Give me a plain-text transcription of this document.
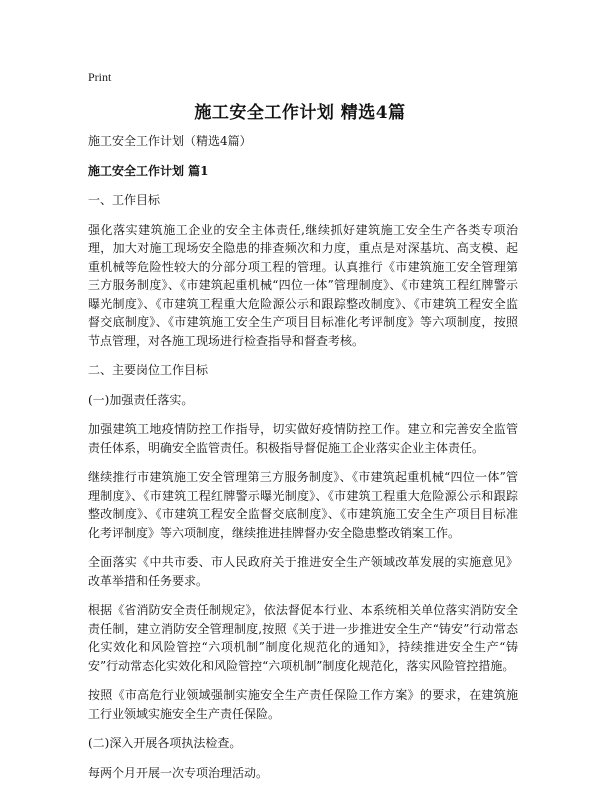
Print
施工安全工作计划 精选4篇

施工安全工作计划（精选4篇）

施工安全工作计划 篇1

一、工作目标

强化落实建筑施工企业的安全主体责任,继续抓好建筑施工安全生产各类专项治理，加大对施工现场安全隐患的排查频次和力度，重点是对深基坑、高支模、起重机械等危险性较大的分部分项工程的管理。认真推行《市建筑施工安全管理第三方服务制度》、《市建筑起重机械“四位一体”管理制度》、《市建筑工程红牌警示曝光制度》、《市建筑工程重大危险源公示和跟踪整改制度》、《市建筑工程安全监督交底制度》、《市建筑施工安全生产项目目标准化考评制度》等六项制度，按照节点管理，对各施工现场进行检查指导和督查考核。

二、主要岗位工作目标

(一)加强责任落实。

加强建筑工地疫情防控工作指导，切实做好疫情防控工作。建立和完善安全监管责任体系，明确安全监管责任。积极指导督促施工企业落实企业主体责任。

继续推行市建筑施工安全管理第三方服务制度》、《市建筑起重机械“四位一体”管理制度》、《市建筑工程红牌警示曝光制度》、《市建筑工程重大危险源公示和跟踪整改制度》、《市建筑工程安全监督交底制度》、《市建筑施工安全生产项目目标准化考评制度》等六项制度，继续推进挂牌督办安全隐患整改销案工作。

全面落实《中共市委、市人民政府关于推进安全生产领域改革发展的实施意见》改革举措和任务要求。

根据《省消防安全责任制规定》，依法督促本行业、本系统相关单位落实消防安全责任制，建立消防安全管理制度,按照《关于进一步推进安全生产“铸安”行动常态化实效化和风险管控“六项机制”制度化规范化的通知》，持续推进安全生产“铸安”行动常态化实效化和风险管控“六项机制”制度化规范化，落实风险管控措施。

按照《市高危行业领域强制实施安全生产责任保险工作方案》的要求，在建筑施工行业领域实施安全生产责任保险。

(二)深入开展各项执法检查。

每两个月开展一次专项治理活动。
